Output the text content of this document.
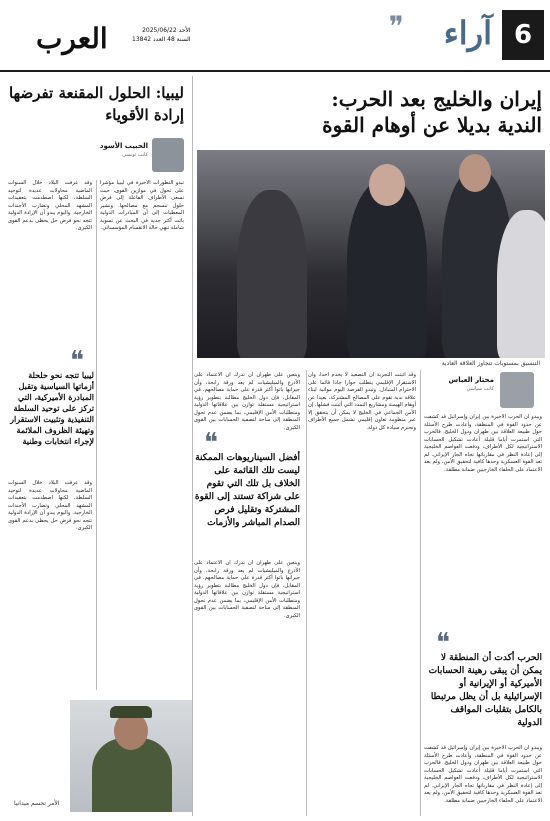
6
آراء
❞
العرب	الأحد 2025/06/22
السنة 48 العدد 13842
إيران والخليج بعد الحرب:
الندية بديلا عن أوهام القوة
التنسيق بمستويات تتجاوز العلاقة العادية
مختار العباس
كاتب سياسي

ويبدو أن الحرب الأخيرة بين إيران وإسرائيل قد كشفت عن حدود القوة في المنطقة، وأعادت طرح الأسئلة حول طبيعة العلاقة بين طهران ودول الخليج. فالحرب التي استمرت أياما قليلة أعادت تشكيل الحسابات الاستراتيجية لكل الأطراف، ودفعت العواصم الخليجية إلى إعادة النظر في مقارباتها تجاه الجار الإيراني. لم تعد القوة العسكرية وحدها كافية لتحقيق الأمن، ولم يعد الاعتماد على الحلفاء الخارجيين ضمانة مطلقة.

❝
الحرب أكدت أن المنطقة لا يمكن أن يبقى رهينة الحسابات الأميركية أو الإيرانية أو الإسرائيلية بل أن يظل مرتبطا بالكامل بتقلبات المواقف الدولية

ويبدو أن الحرب الأخيرة بين إيران وإسرائيل قد كشفت عن حدود القوة في المنطقة، وأعادت طرح الأسئلة حول طبيعة العلاقة بين طهران ودول الخليج. فالحرب التي استمرت أياما قليلة أعادت تشكيل الحسابات الاستراتيجية لكل الأطراف، ودفعت العواصم الخليجية إلى إعادة النظر في مقارباتها تجاه الجار الإيراني. لم تعد القوة العسكرية وحدها كافية لتحقيق الأمن، ولم يعد الاعتماد على الحلفاء الخارجيين ضمانة مطلقة.

وقد أثبتت التجربة أن التصعيد لا يخدم أحدا، وأن الاستقرار الإقليمي يتطلب حوارا جادا قائما على الاحترام المتبادل. وتبدو الفرصة اليوم مواتية لبناء علاقة ندية تقوم على المصالح المشتركة، بعيدا عن أوهام الهيمنة ومشاريع التمدد التي أثبتت فشلها. إن الأمن الجماعي في الخليج لا يمكن أن يتحقق إلا عبر منظومة تعاون إقليمي تشمل جميع الأطراف وتحترم سيادة كل دولة.

ويتعين على طهران أن تدرك أن الاعتماد على الأذرع والميليشيات لم يعد ورقة رابحة، وأن جيرانها باتوا أكثر قدرة على حماية مصالحهم. في المقابل، فإن دول الخليج مطالبة بتطوير رؤية استراتيجية مستقلة توازن بين علاقاتها الدولية ومتطلبات الأمن الإقليمي، بما يضمن عدم تحول المنطقة إلى ساحة لتصفية الحسابات بين القوى الكبرى.

❝
أفضل السيناريوهات الممكنة ليست تلك القائمة على الخلاف بل تلك التي تقوم على شراكة تستند إلى القوة المشتركة وتقليل فرص الصدام المباشر والأزمات

ويتعين على طهران أن تدرك أن الاعتماد على الأذرع والميليشيات لم يعد ورقة رابحة، وأن جيرانها باتوا أكثر قدرة على حماية مصالحهم. في المقابل، فإن دول الخليج مطالبة بتطوير رؤية استراتيجية مستقلة توازن بين علاقاتها الدولية ومتطلبات الأمن الإقليمي، بما يضمن عدم تحول المنطقة إلى ساحة لتصفية الحسابات بين القوى الكبرى.

ليبيا: الحلول المقنعة تفرضها إرادة الأقوياء
الحبيب الأسود
كاتب تونسي

تبدو التطورات الأخيرة في ليبيا مؤشرا على تحول في موازين القوى، حيث تسعى الأطراف الفاعلة إلى فرض حلول تنسجم مع مصالحها. وتشير المعطيات إلى أن المبادرات الدولية باتت أكثر جدية في البحث عن تسوية شاملة تنهي حالة الانقسام المؤسساتي.

وقد عرفت البلاد خلال السنوات الماضية محاولات عديدة لتوحيد السلطة، لكنها اصطدمت بتعقيدات المشهد المحلي وتضارب الأجندات الخارجية. واليوم يبدو أن الإرادة الدولية تتجه نحو فرض حل يحظى بدعم القوى الكبرى.

❝
ليبيا تتجه نحو حلحلة أزماتها السياسية وتقبل المبادرة الأميركية، التي تركز على توحيد السلطة التنفيذية وتثبيت الاستقرار وتهيئة الظروف الملائمة لإجراء انتخابات وطنية

وقد عرفت البلاد خلال السنوات الماضية محاولات عديدة لتوحيد السلطة، لكنها اصطدمت بتعقيدات المشهد المحلي وتضارب الأجندات الخارجية. واليوم يبدو أن الإرادة الدولية تتجه نحو فرض حل يحظى بدعم القوى الكبرى.

الأمر تحسم ميدانيا
